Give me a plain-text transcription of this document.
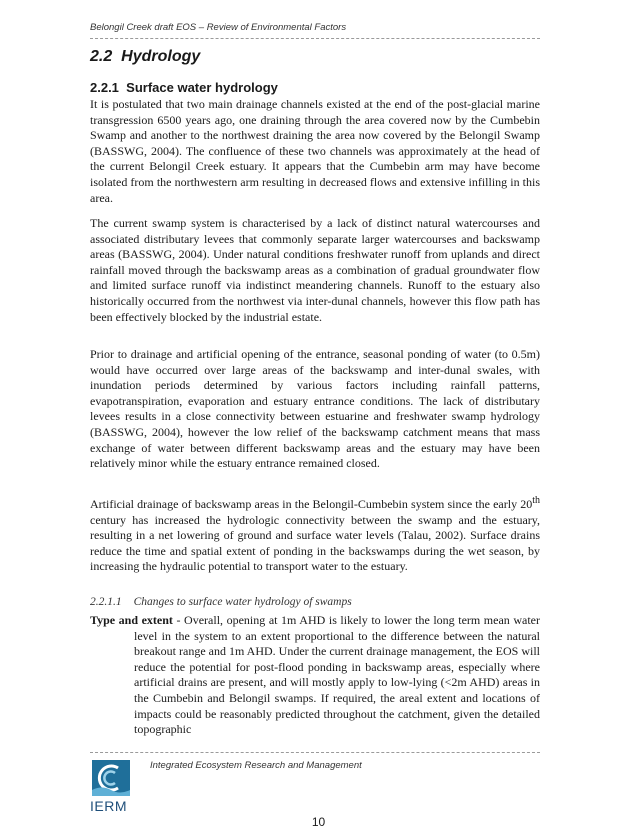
Belongil Creek draft EOS – Review of Environmental Factors
2.2 Hydrology
2.2.1 Surface water hydrology

It is postulated that two main drainage channels existed at the end of the post-glacial marine transgression 6500 years ago, one draining through the area covered now by the Cumbebin Swamp and another to the northwest draining the area now covered by the Belongil Swamp (BASSWG, 2004). The confluence of these two channels was approximately at the head of the current Belongil Creek estuary. It appears that the Cumbebin arm may have become isolated from the northwestern arm resulting in decreased flows and extensive infilling in this area.

The current swamp system is characterised by a lack of distinct natural watercourses and associated distributary levees that commonly separate larger watercourses and backswamp areas (BASSWG, 2004). Under natural conditions freshwater runoff from uplands and direct rainfall moved through the backswamp areas as a combination of gradual groundwater flow and limited surface runoff via indistinct meandering channels. Runoff to the estuary also historically occurred from the northwest via inter-dunal channels, however this flow path has been effectively blocked by the industrial estate.

Prior to drainage and artificial opening of the entrance, seasonal ponding of water (to 0.5m) would have occurred over large areas of the backswamp and inter-dunal swales, with inundation periods determined by various factors including rainfall patterns, evapotranspiration, evaporation and estuary entrance conditions. The lack of distributary levees results in a close connectivity between estuarine and freshwater swamp hydrology (BASSWG, 2004), however the low relief of the backswamp catchment means that mass exchange of water between different backswamp areas and the estuary may have been relatively minor while the estuary entrance remained closed.

Artificial drainage of backswamp areas in the Belongil-Cumbebin system since the early 20th century has increased the hydrologic connectivity between the swamp and the estuary, resulting in a net lowering of ground and surface water levels (Talau, 2002). Surface drains reduce the time and spatial extent of ponding in the backswamps during the wet season, by increasing the hydraulic potential to transport water to the estuary.

2.2.1.1 Changes to surface water hydrology of swamps

Type and extent - Overall, opening at 1m AHD is likely to lower the long term mean water level in the system to an extent proportional to the difference between the natural breakout range and 1m AHD. Under the current drainage management, the EOS will reduce the potential for post-flood ponding in backswamp areas, especially where artificial drains are present, and will mostly apply to low-lying (<2m AHD) areas in the Cumbebin and Belongil swamps. If required, the areal extent and locations of impacts could be reasonably predicted throughout the catchment, given the detailed topographic

Integrated Ecosystem Research and Management
IERM
10
